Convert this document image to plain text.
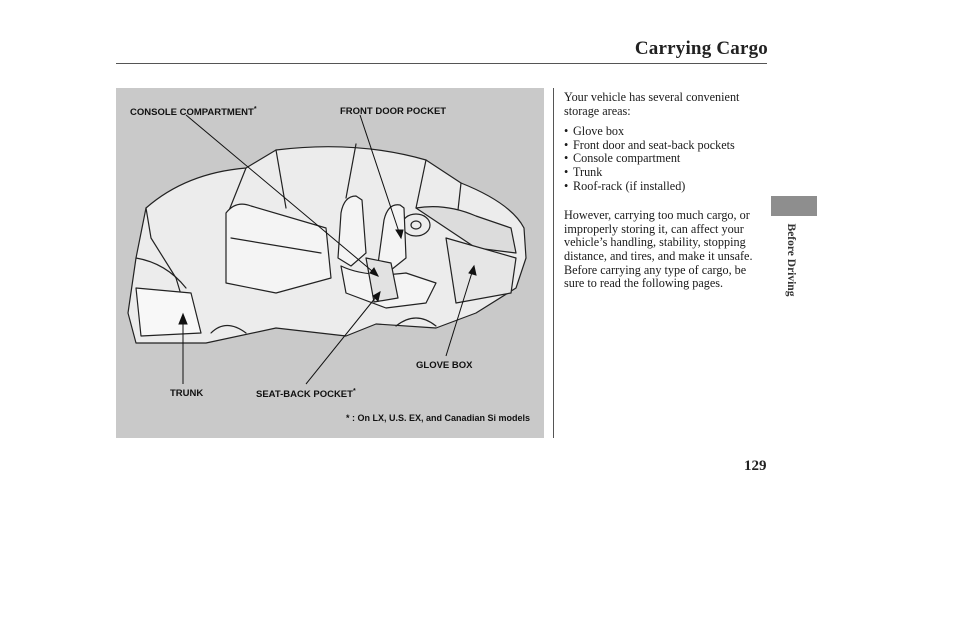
Carrying Cargo
CONSOLE COMPARTMENT*	FRONT DOOR POCKET
GLOVE BOX
TRUNK	SEAT-BACK POCKET*
* : On LX, U.S. EX, and Canadian Si models

Your vehicle has several convenient storage areas:

• Glove box
• Front door and seat-back pockets
• Console compartment
• Trunk
• Roof-rack (if installed)

However, carrying too much cargo, or improperly storing it, can affect your vehicle’s handling, stability, stopping distance, and tires, and make it unsafe. Before carrying any type of cargo, be sure to read the following pages.	Before Driving
129
